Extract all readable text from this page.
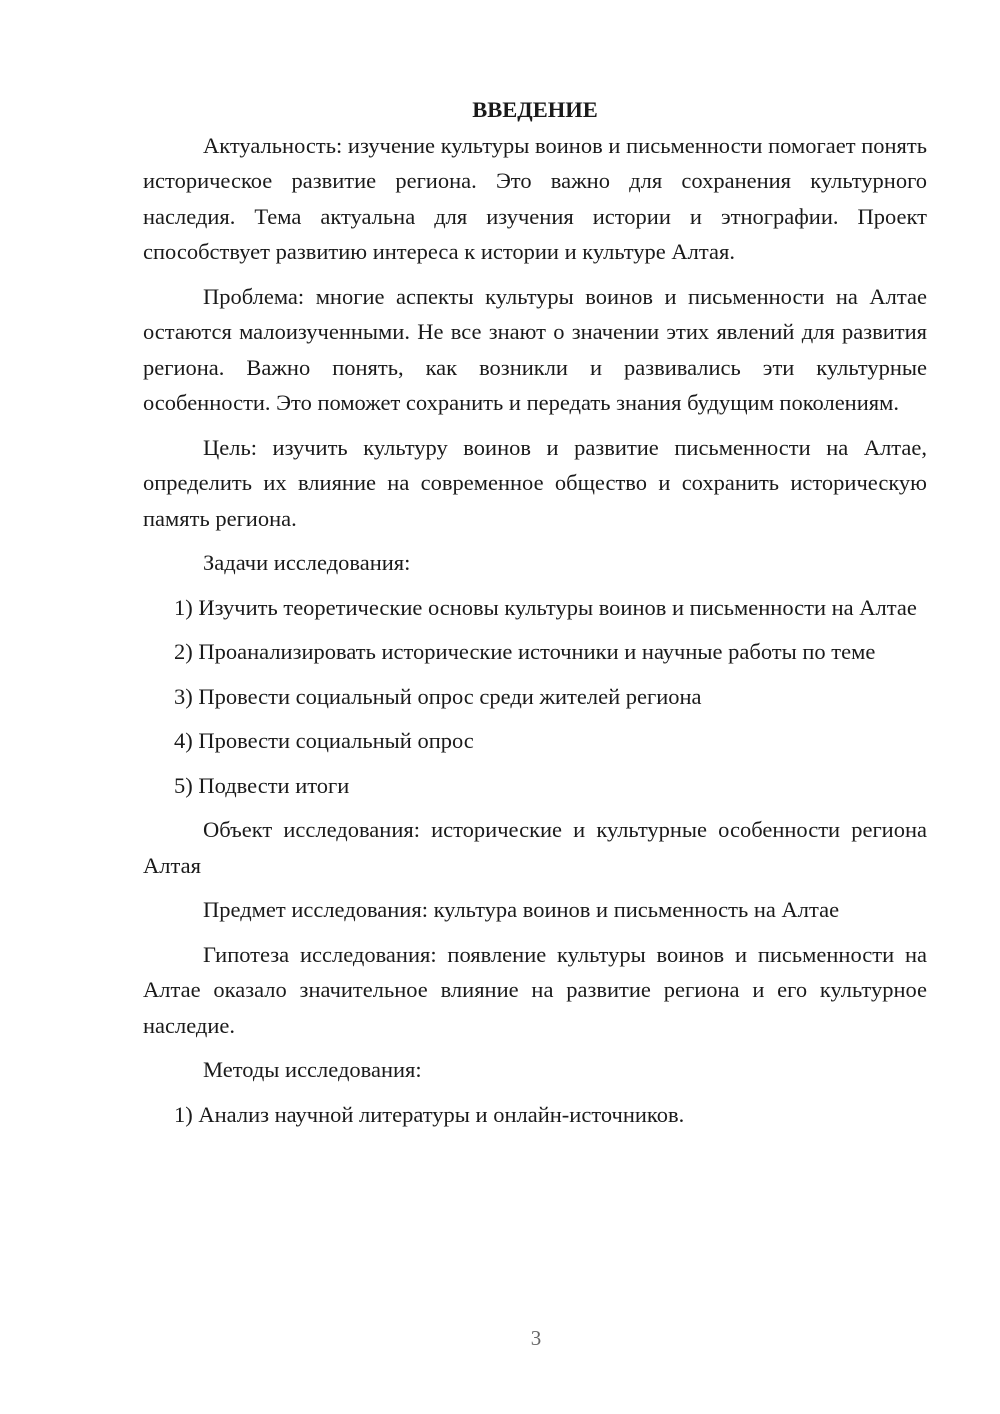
ВВЕДЕНИЕ

Актуальность: изучение культуры воинов и письменности помогает понять историческое развитие региона. Это важно для сохранения культурного наследия. Тема актуальна для изучения истории и этнографии. Проект способствует развитию интереса к истории и культуре Алтая.

Проблема: многие аспекты культуры воинов и письменности на Алтае остаются малоизученными. Не все знают о значении этих явлений для развития региона. Важно понять, как возникли и развивались эти культурные особенности. Это поможет сохранить и передать знания будущим поколениям.

Цель: изучить культуру воинов и развитие письменности на Алтае, определить их влияние на современное общество и сохранить историческую память региона.

Задачи исследования:

1) Изучить теоретические основы культуры воинов и письменности на Алтае

2) Проанализировать исторические источники и научные работы по теме

3) Провести социальный опрос среди жителей региона

4) Провести социальный опрос

5) Подвести итоги

Объект исследования: исторические и культурные особенности региона Алтая

Предмет исследования: культура воинов и письменность на Алтае

Гипотеза исследования: появление культуры воинов и письменности на Алтае оказало значительное влияние на развитие региона и его культурное наследие.

Методы исследования:

1) Анализ научной литературы и онлайн-источников.

3
